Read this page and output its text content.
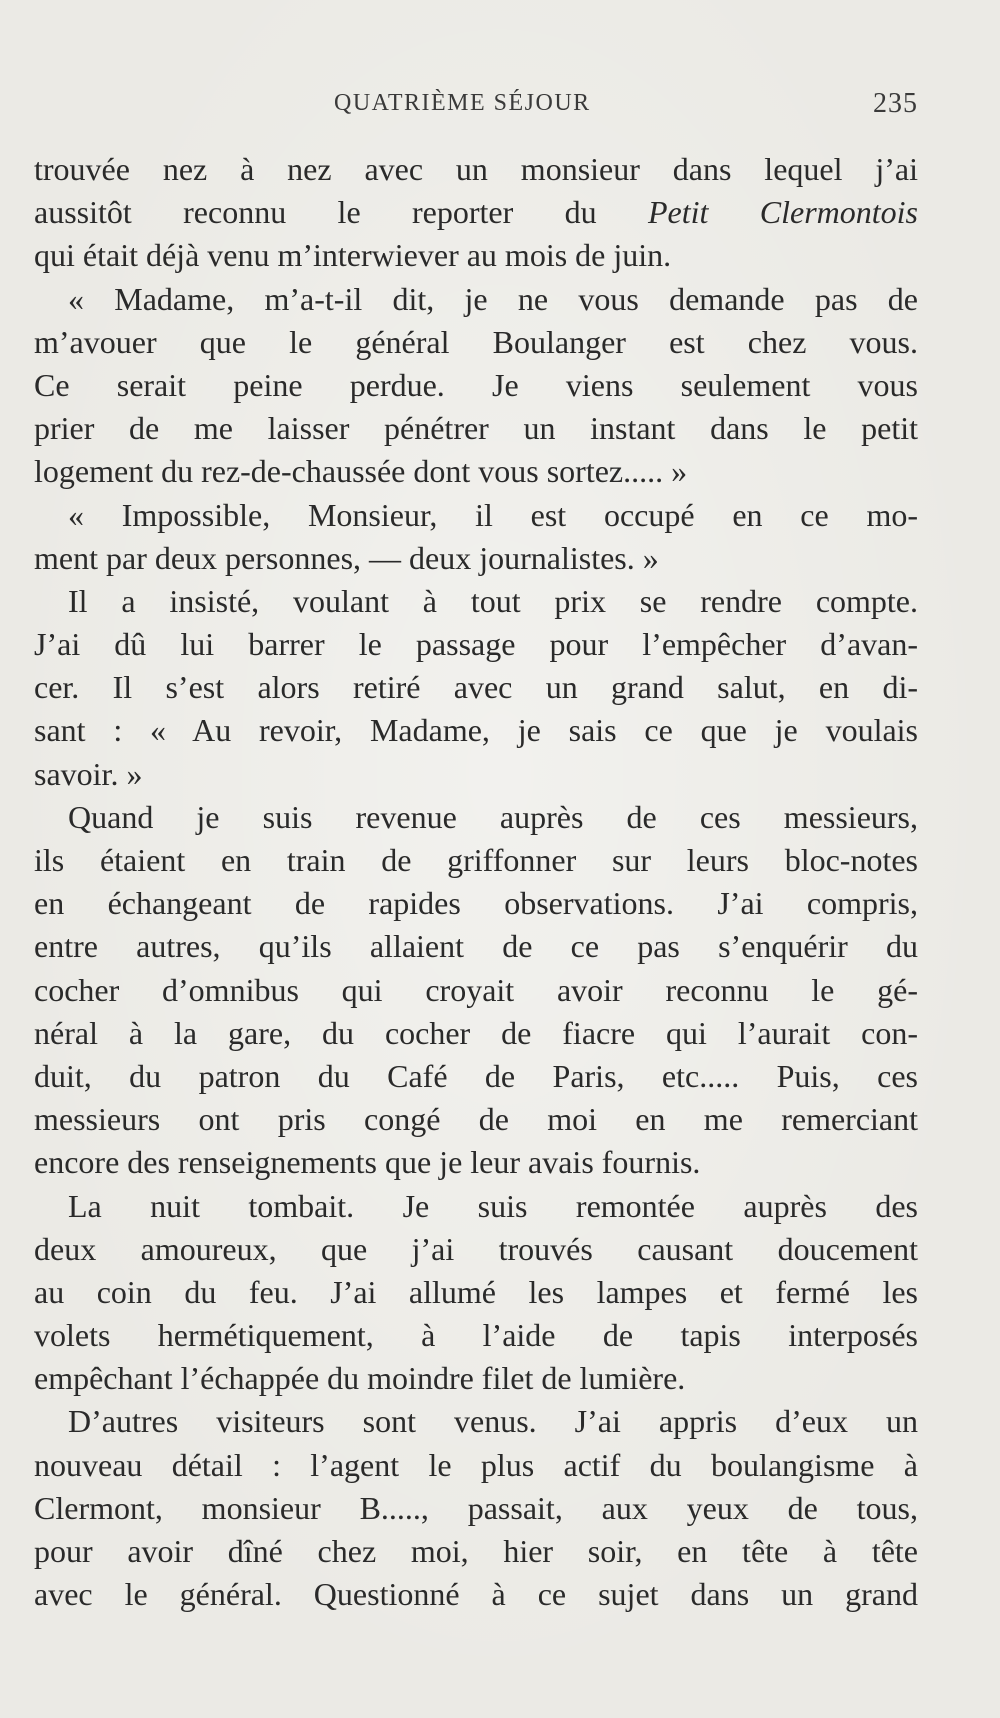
QUATRIÈME SÉJOUR	235
trouvée nez à nez avec un monsieur dans lequel j’ai
aussitôt reconnu le reporter du Petit Clermontois
qui était déjà venu m’interwiever au mois de juin.
« Madame, m’a-t-il dit, je ne vous demande pas de
m’avouer que le général Boulanger est chez vous.
Ce serait peine perdue. Je viens seulement vous
prier de me laisser pénétrer un instant dans le petit
logement du rez-de-chaussée dont vous sortez..... »
« Impossible, Monsieur, il est occupé en ce mo-
ment par deux personnes, — deux journalistes. »
Il a insisté, voulant à tout prix se rendre compte.
J’ai dû lui barrer le passage pour l’empêcher d’avan-
cer. Il s’est alors retiré avec un grand salut, en di-
sant : « Au revoir, Madame, je sais ce que je voulais
savoir. »
Quand je suis revenue auprès de ces messieurs,
ils étaient en train de griffonner sur leurs bloc-notes
en échangeant de rapides observations. J’ai compris,
entre autres, qu’ils allaient de ce pas s’enquérir du
cocher d’omnibus qui croyait avoir reconnu le gé-
néral à la gare, du cocher de fiacre qui l’aurait con-
duit, du patron du Café de Paris, etc..... Puis, ces
messieurs ont pris congé de moi en me remerciant
encore des renseignements que je leur avais fournis.
La nuit tombait. Je suis remontée auprès des
deux amoureux, que j’ai trouvés causant doucement
au coin du feu. J’ai allumé les lampes et fermé les
volets hermétiquement, à l’aide de tapis interposés
empêchant l’échappée du moindre filet de lumière.
D’autres visiteurs sont venus. J’ai appris d’eux un
nouveau détail : l’agent le plus actif du boulangisme à
Clermont, monsieur B....., passait, aux yeux de tous,
pour avoir dîné chez moi, hier soir, en tête à tête
avec le général. Questionné à ce sujet dans un grand
